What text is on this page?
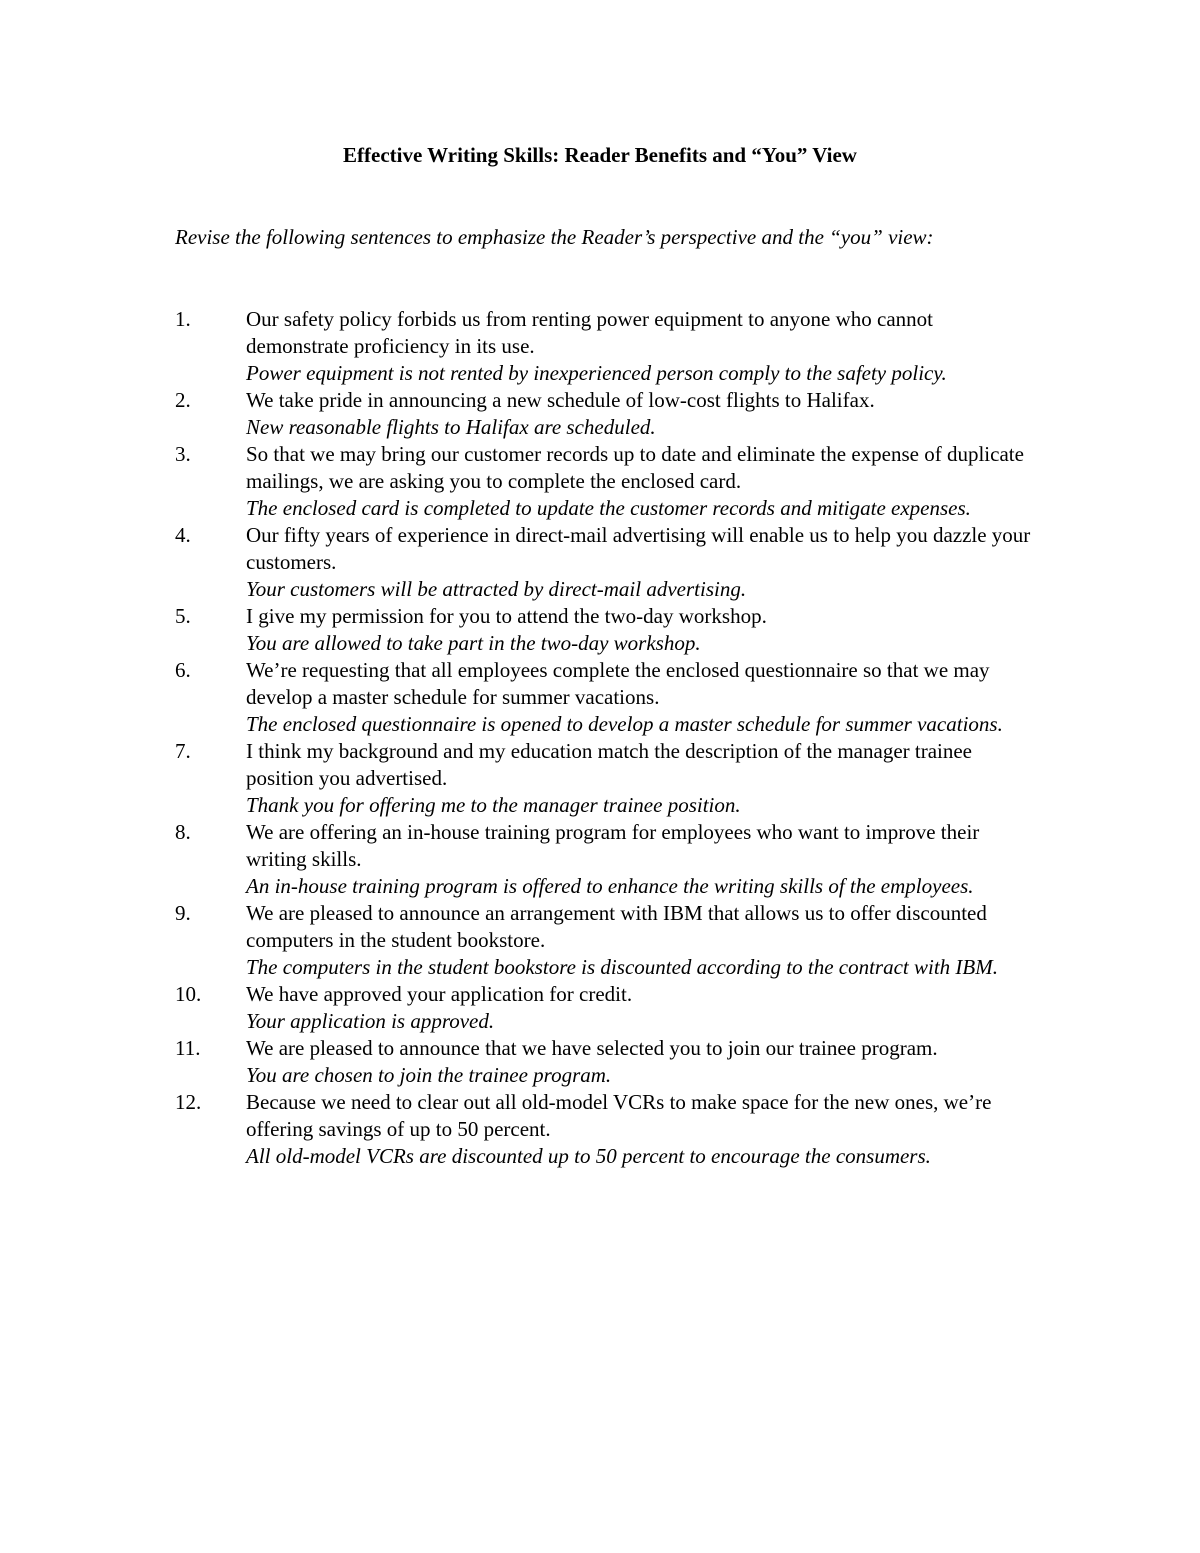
Effective Writing Skills: Reader Benefits and “You” View
Revise the following sentences to emphasize the Reader’s perspective and the “you” view:
1.	Our safety policy forbids us from renting power equipment to anyone who cannot demonstrate proficiency in its use.
Power equipment is not rented by inexperienced person comply to the safety policy.
2.	We take pride in announcing a new schedule of low-cost flights to Halifax.
New reasonable flights to Halifax are scheduled.
3.	So that we may bring our customer records up to date and eliminate the expense of duplicate mailings, we are asking you to complete the enclosed card.
The enclosed card is completed to update the customer records and mitigate expenses.
4.	Our fifty years of experience in direct-mail advertising will enable us to help you dazzle your customers.
Your customers will be attracted by direct-mail advertising.
5.	I give my permission for you to attend the two-day workshop.
You are allowed to take part in the two-day workshop.
6.	We’re requesting that all employees complete the enclosed questionnaire so that we may develop a master schedule for summer vacations.
The enclosed questionnaire is opened to develop a master schedule for summer vacations.
7.	I think my background and my education match the description of the manager trainee position you advertised.
Thank you for offering me to the manager trainee position.
8.	We are offering an in-house training program for employees who want to improve their writing skills.
An in-house training program is offered to enhance the writing skills of the employees.
9.	We are pleased to announce an arrangement with IBM that allows us to offer discounted computers in the student bookstore.
The computers in the student bookstore is discounted according to the contract with IBM.
10.	We have approved your application for credit.
Your application is approved.
11.	We are pleased to announce that we have selected you to join our trainee program.
You are chosen to join the trainee program.
12.	Because we need to clear out all old-model VCRs to make space for the new ones, we’re offering savings of up to 50 percent.
All old-model VCRs are discounted up to 50 percent to encourage the consumers.
